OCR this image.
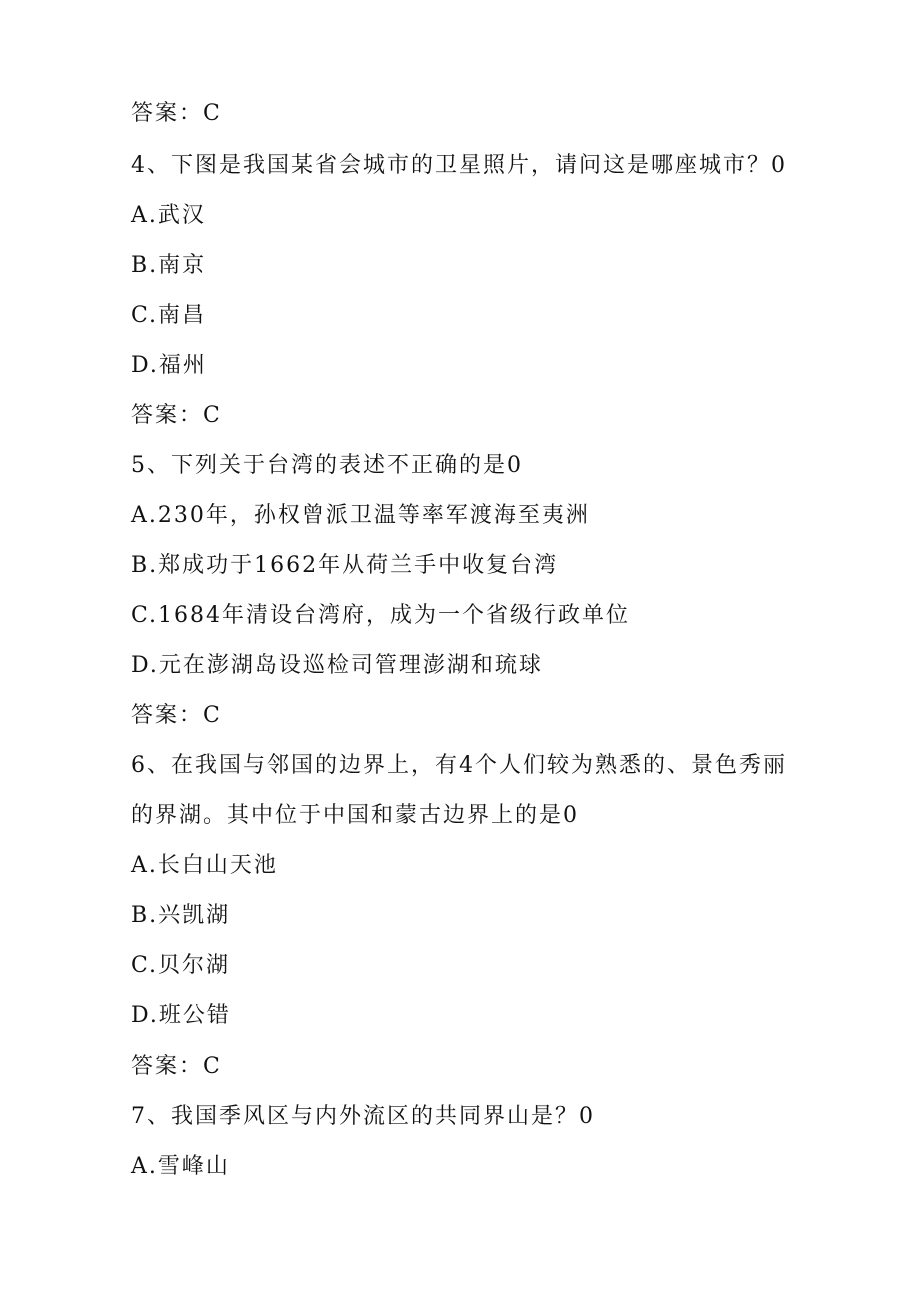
答案：C
4、下图是我国某省会城市的卫星照片，请问这是哪座城市？0
A.武汉
B.南京
C.南昌
D.福州
答案：C
5、下列关于台湾的表述不正确的是0
A.230年，孙权曾派卫温等率军渡海至夷洲
B.郑成功于1662年从荷兰手中收复台湾
C.1684年清设台湾府，成为一个省级行政单位
D.元在澎湖岛设巡检司管理澎湖和琉球
答案：C
6、在我国与邻国的边界上，有4个人们较为熟悉的、景色秀丽
的界湖。其中位于中国和蒙古边界上的是0
A.长白山天池
B.兴凯湖
C.贝尔湖
D.班公错
答案：C
7、我国季风区与内外流区的共同界山是？0
A.雪峰山
